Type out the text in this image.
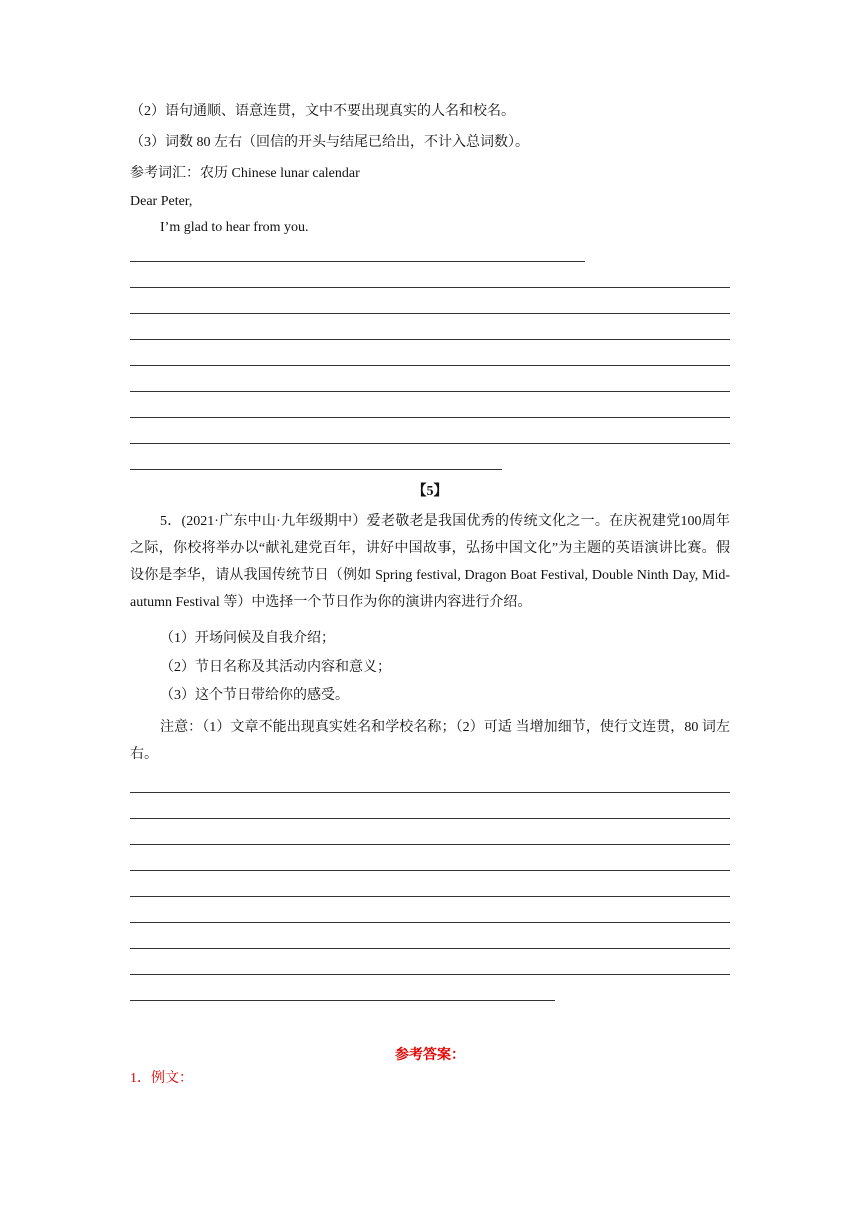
（2）语句通顺、语意连贯，文中不要出现真实的人名和校名。
（3）词数 80 左右（回信的开头与结尾已给出，不计入总词数）。
参考词汇：农历 Chinese lunar calendar
Dear Peter,
I’m glad to hear from you.
【5】
5．(2021·广东中山·九年级期中）爱老敬老是我国优秀的传统文化之一。在庆祝建党100周年之际，你校将举办以“献礼建党百年，讲好中国故事，弘扬中国文化”为主题的英语演讲比赛。假设你是李华，请从我国传统节日（例如 Spring festival, Dragon Boat Festival, Double Ninth Day, Mid-autumn Festival 等）中选择一个节日作为你的演讲内容进行介绍。
（1）开场问候及自我介绍；
（2）节日名称及其活动内容和意义；
（3）这个节日带给你的感受。
注意：（1）文章不能出现真实姓名和学校名称；（2）可适 当增加细节，使行文连贯，80 词左右。
参考答案：
1．例文：
